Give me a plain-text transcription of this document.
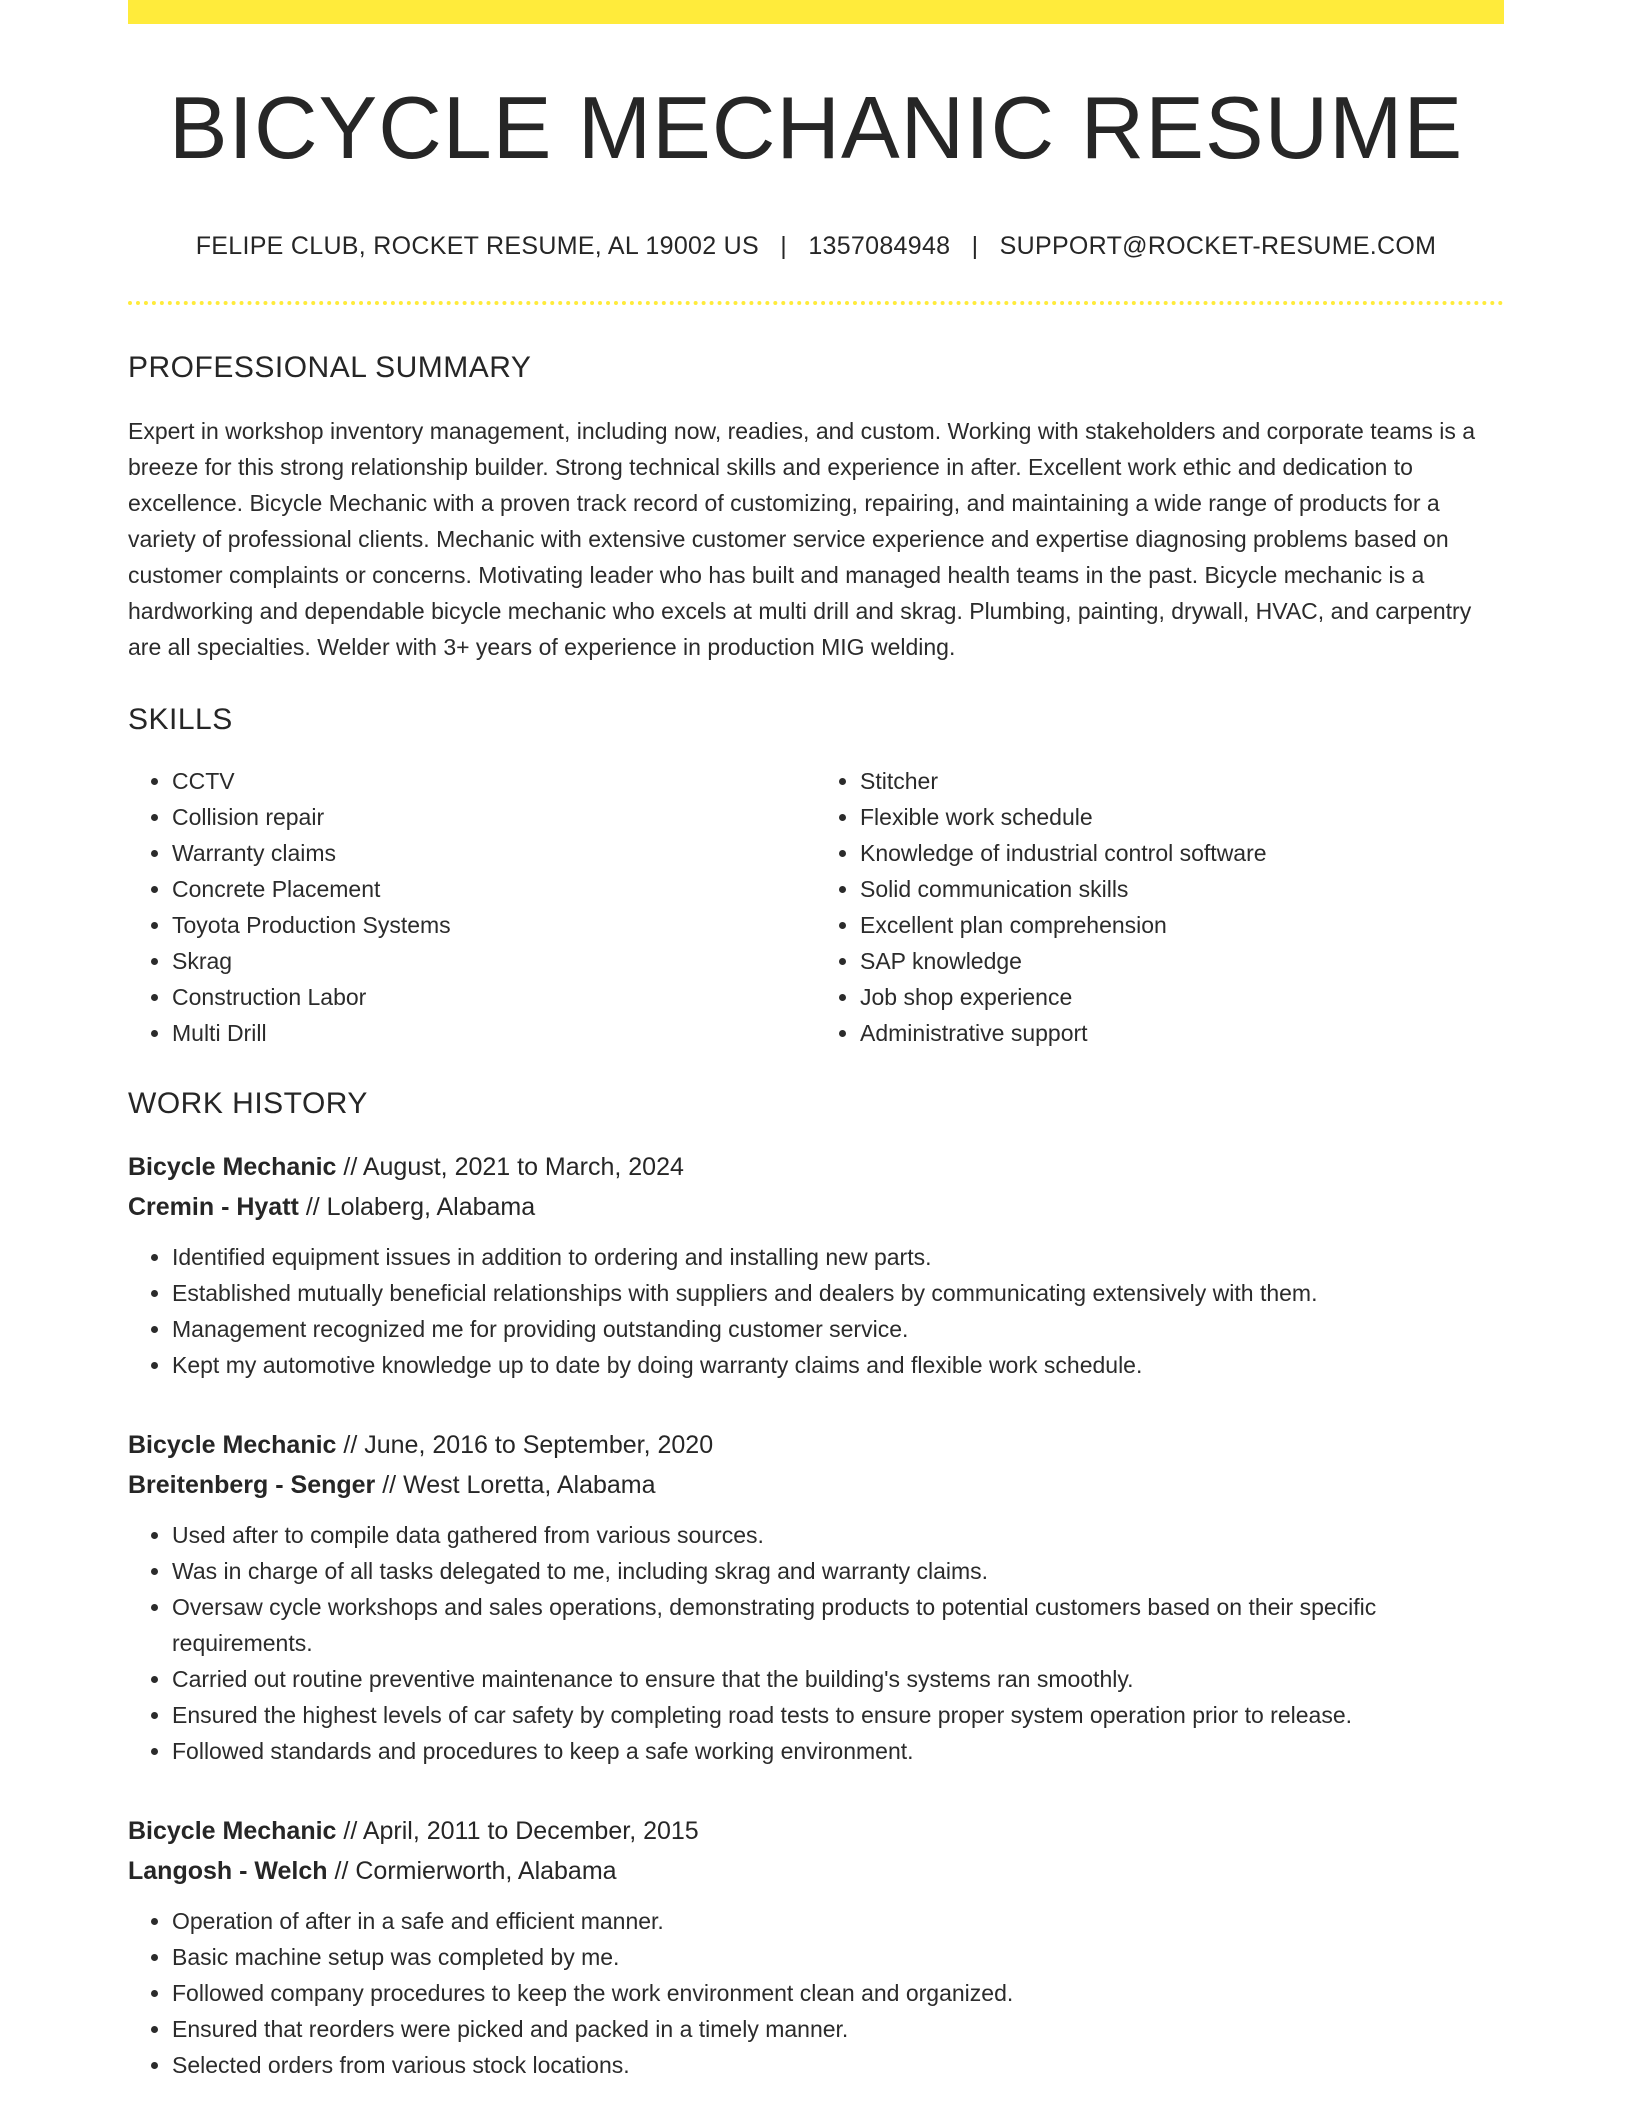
BICYCLE MECHANIC RESUME
FELIPE CLUB, ROCKET RESUME, AL 19002 US | 1357084948 | SUPPORT@ROCKET-RESUME.COM
PROFESSIONAL SUMMARY

Expert in workshop inventory management, including now, readies, and custom. Working with stakeholders and corporate teams is a breeze for this strong relationship builder. Strong technical skills and experience in after. Excellent work ethic and dedication to excellence. Bicycle Mechanic with a proven track record of customizing, repairing, and maintaining a wide range of products for a variety of professional clients. Mechanic with extensive customer service experience and expertise diagnosing problems based on customer complaints or concerns. Motivating leader who has built and managed health teams in the past. Bicycle mechanic is a hardworking and dependable bicycle mechanic who excels at multi drill and skrag. Plumbing, painting, drywall, HVAC, and carpentry are all specialties. Welder with 3+ years of experience in production MIG welding.

SKILLS
• CCTV
• Collision repair
• Warranty claims
• Concrete Placement
• Toyota Production Systems
• Skrag
• Construction Labor
• Multi Drill
• Stitcher
• Flexible work schedule
• Knowledge of industrial control software
• Solid communication skills
• Excellent plan comprehension
• SAP knowledge
• Job shop experience
• Administrative support
WORK HISTORY
Bicycle Mechanic // August, 2021 to March, 2024
Cremin - Hyatt // Lolaberg, Alabama
• Identified equipment issues in addition to ordering and installing new parts.
• Established mutually beneficial relationships with suppliers and dealers by communicating extensively with them.
• Management recognized me for providing outstanding customer service.
• Kept my automotive knowledge up to date by doing warranty claims and flexible work schedule.
Bicycle Mechanic // June, 2016 to September, 2020
Breitenberg - Senger // West Loretta, Alabama
• Used after to compile data gathered from various sources.
• Was in charge of all tasks delegated to me, including skrag and warranty claims.
• Oversaw cycle workshops and sales operations, demonstrating products to potential customers based on their specific requirements.
• Carried out routine preventive maintenance to ensure that the building's systems ran smoothly.
• Ensured the highest levels of car safety by completing road tests to ensure proper system operation prior to release.
• Followed standards and procedures to keep a safe working environment.
Bicycle Mechanic // April, 2011 to December, 2015
Langosh - Welch // Cormierworth, Alabama
• Operation of after in a safe and efficient manner.
• Basic machine setup was completed by me.
• Followed company procedures to keep the work environment clean and organized.
• Ensured that reorders were picked and packed in a timely manner.
• Selected orders from various stock locations.
